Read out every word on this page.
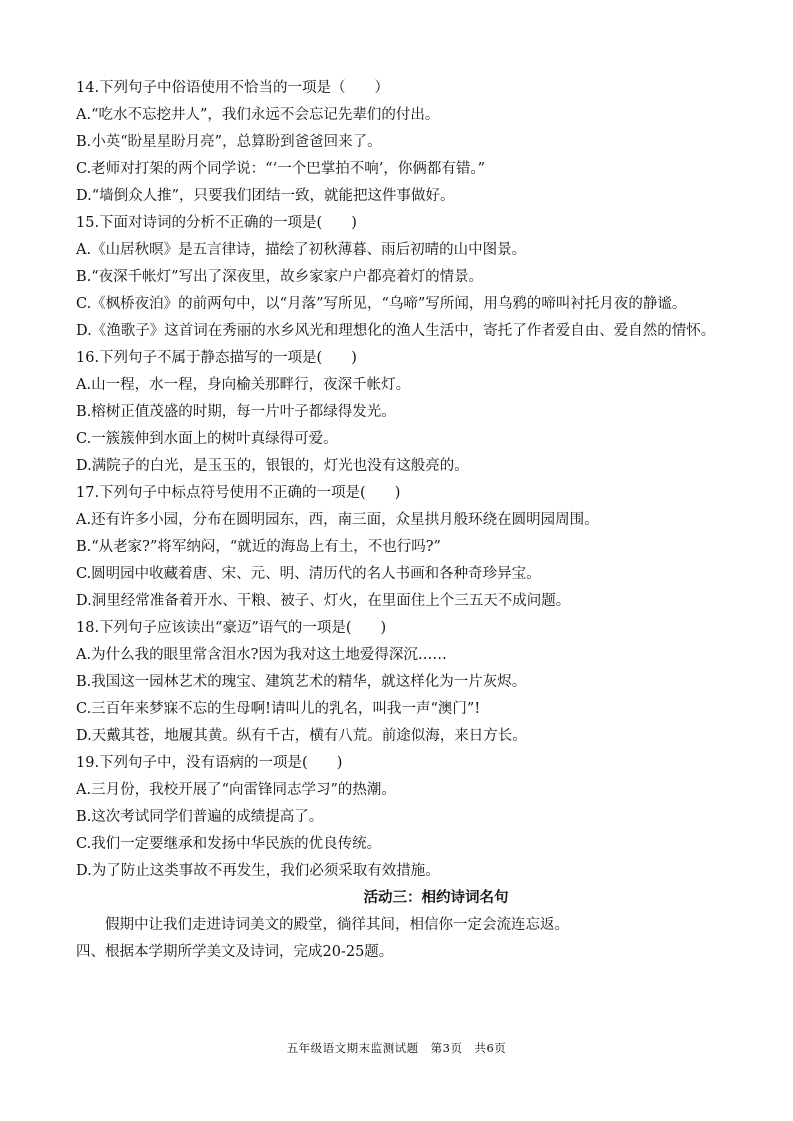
14.下列句子中俗语使用不恰当的一项是（　　）
A.“吃水不忘挖井人”，我们永远不会忘记先辈们的付出。
B.小英“盼星星盼月亮”，总算盼到爸爸回来了。
C.老师对打架的两个同学说：“‘一个巴掌拍不响’，你俩都有错。”
D.“墙倒众人推”，只要我们团结一致，就能把这件事做好。
15.下面对诗词的分析不正确的一项是(　　)
A.《山居秋暝》是五言律诗，描绘了初秋薄暮、雨后初晴的山中图景。
B.“夜深千帐灯”写出了深夜里，故乡家家户户都亮着灯的情景。
C.《枫桥夜泊》的前两句中，以“月落”写所见，“乌啼”写所闻，用乌鸦的啼叫衬托月夜的静谧。
D.《渔歌子》这首词在秀丽的水乡风光和理想化的渔人生活中，寄托了作者爱自由、爱自然的情怀。
16.下列句子不属于静态描写的一项是(　　)
A.山一程，水一程，身向榆关那畔行，夜深千帐灯。
B.榕树正值茂盛的时期，每一片叶子都绿得发光。
C.一簇簇伸到水面上的树叶真绿得可爱。
D.满院子的白光，是玉玉的，银银的，灯光也没有这般亮的。
17.下列句子中标点符号使用不正确的一项是(　　)
A.还有许多小园，分布在圆明园东，西，南三面，众星拱月般环绕在圆明园周围。
B.“从老家?”将军纳闷，“就近的海岛上有土，不也行吗?”
C.圆明园中收藏着唐、宋、元、明、清历代的名人书画和各种奇珍异宝。
D.洞里经常准备着开水、干粮、被子、灯火，在里面住上个三五天不成问题。
18.下列句子应该读出“豪迈”语气的一项是(　　)
A.为什么我的眼里常含泪水?因为我对这土地爱得深沉……
B.我国这一园林艺术的瑰宝、建筑艺术的精华，就这样化为一片灰烬。
C.三百年来梦寐不忘的生母啊!请叫儿的乳名，叫我一声“澳门”!
D.天戴其苍，地履其黄。纵有千古，横有八荒。前途似海，来日方长。
19.下列句子中，没有语病的一项是(　　)
A.三月份，我校开展了“向雷锋同志学习”的热潮。
B.这次考试同学们普遍的成绩提高了。
C.我们一定要继承和发扬中华民族的优良传统。
D.为了防止这类事故不再发生，我们必须采取有效措施。
活动三：相约诗词名句
假期中让我们走进诗词美文的殿堂，徜徉其间，相信你一定会流连忘返。
四、根据本学期所学美文及诗词，完成20-25题。
五年级语文期末监测试题　第3页　共6页
